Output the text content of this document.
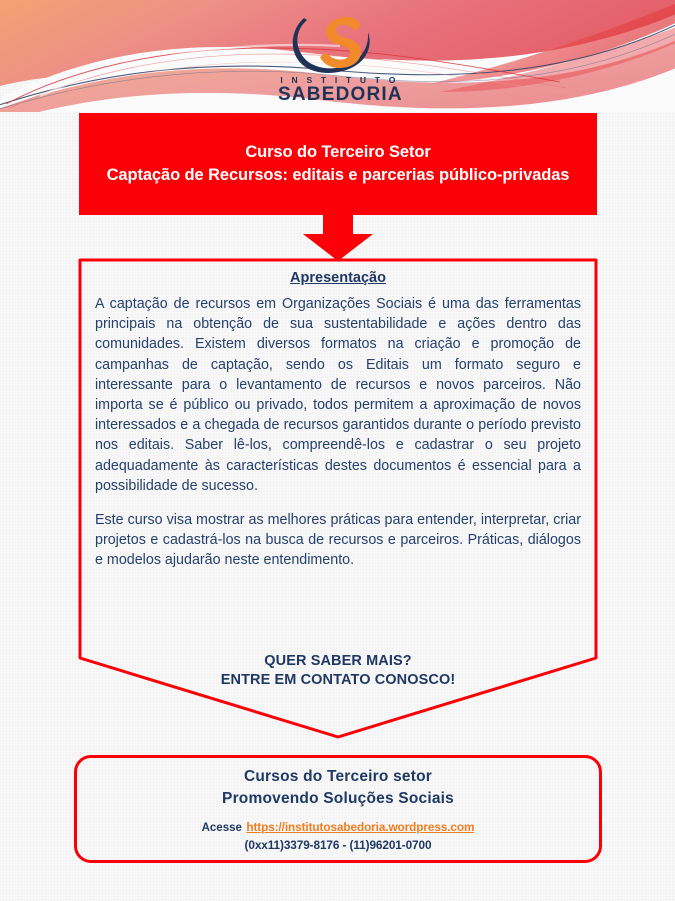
I N S T I T U T O
SABEDORIA
Curso do Terceiro Setor
Captação de Recursos: editais e parcerias público-privadas
Apresentação

A captação de recursos em Organizações Sociais é uma das ferramentas principais na obtenção de sua sustentabilidade e ações dentro das comunidades. Existem diversos formatos na criação e promoção de campanhas de captação, sendo os Editais um formato seguro e interessante para o levantamento de recursos e novos parceiros. Não importa se é público ou privado, todos permitem a aproximação de novos interessados e a chegada de recursos garantidos durante o período previsto nos editais. Saber lê-los, compreendê-los e cadastrar o seu projeto adequadamente às características destes documentos é essencial para a possibilidade de sucesso.

Este curso visa mostrar as melhores práticas para entender, interpretar, criar projetos e cadastrá-los na busca de recursos e parceiros. Práticas, diálogos e modelos ajudarão neste entendimento.

QUER SABER MAIS?
ENTRE EM CONTATO CONOSCO!
Cursos do Terceiro setor
Promovendo Soluções Sociais
Acesse https://institutosabedoria.wordpress.com
(0xx11)3379-8176 - (11)96201-0700
